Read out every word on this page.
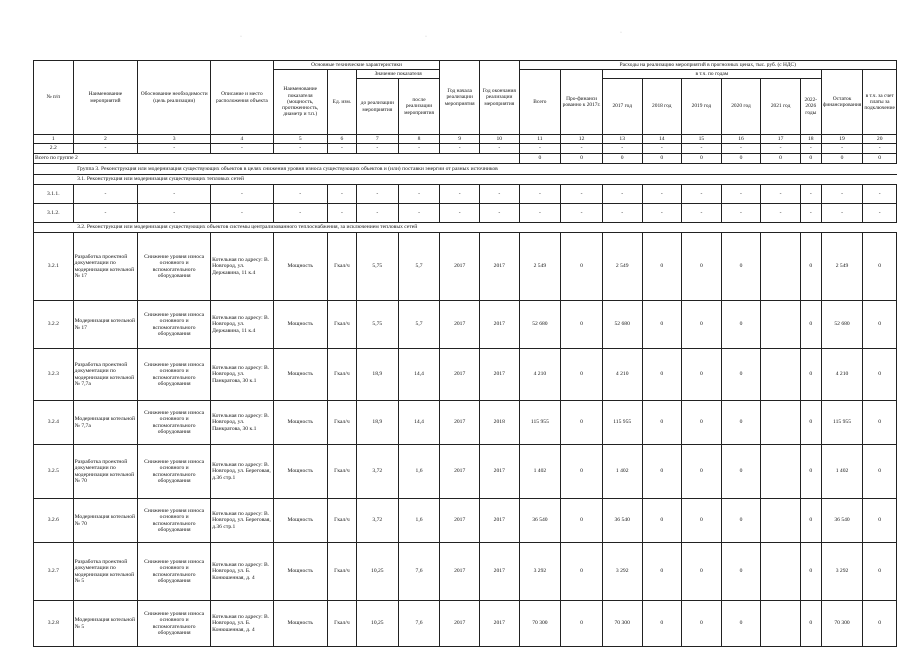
·	·
·
№ п/п	Наименование мероприятий	Обоснование необходимости (цель реализации)	Описание и место расположения объекта	Основные технические характеристики				Год начала реализации мероприятия	Год окончания реализации мероприятия	Расходы на реализацию мероприятий в прогнозных ценах, тыс. руб. (с НДС)									
				Наименование показателя (мощность, протяженность, диаметр и т.п.)	Ед. изм.	Значение показателя				Всего	Про-финанси рованно к 2017г.	в т.ч. по годам						Остаток финансирования	в т.ч. за счет платы за подключение
						до реализации мероприятия	после реализации мероприятия					2017 год	2018 год	2019 год	2020 год	2021 год	2022-2026 годы		
1	2	3	4	5	6	7	8	9	10	11	12	13	14	15	16	17	18	19	20
2.2	-	-	-	-	-	-	-	-	-	-	-	-	-	-	-	-	-	-	-
Всего по группе 2										0	0	0	0	0	0	0	0	0	0
	Группа 3. Реконструкция или модернизация существующих объектов в целях снижения уровня износа существующих объектов и (или) поставки энергии от разных источников																		
	3.1. Реконструкция или модернизация существующих тепловых сетей																		
3.1.1.	-	-	-	-	-	-	-	-	-	-	-	-	-	-	-	-	-	-	-
3.1.2.	-	-	-	-	-	-	-	-	-	-	-	-	-	-	-	-	-	-	-
	3.2. Реконструкция или модернизация существующих объектов системы централизованного теплоснабжения, за исключением тепловых сетей																		
3.2.1	Разработка проектной документации по модернизации котельной № 17	Снижение уровня износа основного и вспомогательного оборудования	Котельная по адресу: В. Новгород, ул. Державина, 11 к.4	Мощность	Гкал/ч	5,75	5,7	2017	2017	2 549	0	2 549	0	0	0		0	2 549	0
3.2.2	Модернизация котельной № 17	Снижение уровня износа основного и вспомогательного оборудования	Котельная по адресу: В. Новгород, ул. Державина, 11 к.4	Мощность	Гкал/ч	5,75	5,7	2017	2017	52 680	0	52 680	0	0	0		0	52 680	0
3.2.3	Разработка проектной документации по модернизации котельной № 7,7а	Снижение уровня износа основного и вспомогательного оборудования	Котельная по адресу: В. Новгород, ул. Панкратова, 30 к.1	Мощность	Гкал/ч	18,9	14,4	2017	2017	4 210	0	4 210	0	0	0		0	4 210	0
3.2.4	Модернизация котельной № 7,7а	Снижение уровня износа основного и вспомогательного оборудования	Котельная по адресу: В. Новгород, ул. Панкратова, 30 к.1	Мощность	Гкал/ч	18,9	14,4	2017	2018	115 955	0	115 955	0	0	0		0	115 955	0
3.2.5	Разработка проектной документации по модернизации котельной № 70	Снижение уровня износа основного и вспомогательного оборудования	Котельная по адресу: В. Новгород, ул. Береговая, д.36 стр.1	Мощность	Гкал/ч	3,72	1,6	2017	2017	1 402	0	1 402	0	0	0		0	1 402	0
3.2.6	Модернизация котельной № 70	Снижение уровня износа основного и вспомогательного оборудования	Котельная по адресу: В. Новгород, ул. Береговая, д.36 стр.1	Мощность	Гкал/ч	3,72	1,6	2017	2017	36 540	0	36 540	0	0	0		0	36 540	0
3.2.7	Разработка проектной документации по модернизации котельной № 5	Снижение уровня износа основного и вспомогательного оборудования	Котельная по адресу: В. Новгород, ул. Б. Конюшенная, д. 4	Мощность	Гкал/ч	10,25	7,6	2017	2017	3 292	0	3 292	0	0	0		0	3 292	0
3.2.8	Модернизация котельной № 5	Снижение уровня износа основного и вспомогательного оборудования	Котельная по адресу: В. Новгород, ул. Б. Конюшенная, д. 4	Мощность	Гкал/ч	10,25	7,6	2017	2017	70 300	0	70 300	0	0	0		0	70 300	0
